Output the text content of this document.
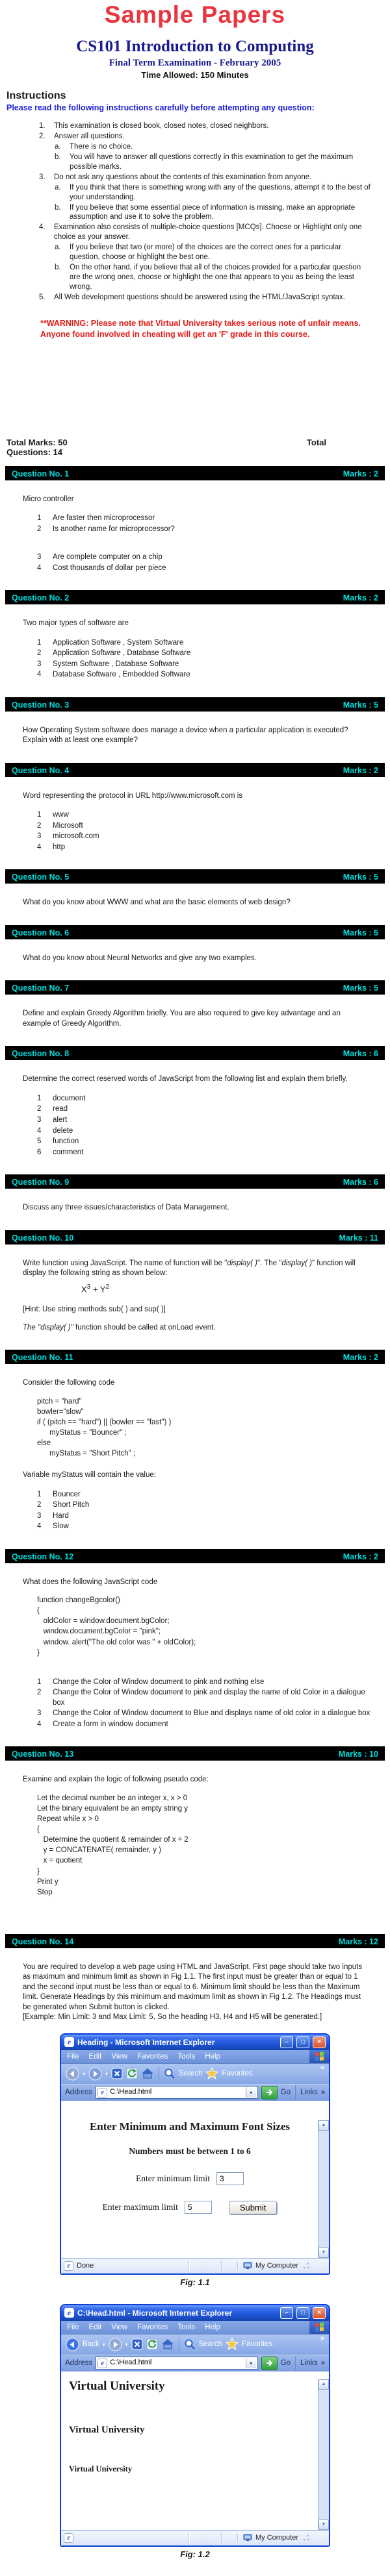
Sample Papers
CS101 Introduction to Computing
Final Term Examination - February 2005
Time Allowed: 150 Minutes
Instructions
Please read the following instructions carefully before attempting any question:
1.	This examination is closed book, closed notes, closed neighbors.
2.	Answer all questions.
a.	There is no choice.
b.	You will have to answer all questions correctly in this examination to get the maximum possible marks.
3.	Do not ask any questions about the contents of this examination from anyone.
a.	If you think that there is something wrong with any of the questions, attempt it to the best of your understanding.
b.	If you believe that some essential piece of information is missing, make an appropriate assumption and use it to solve the problem.
4.	Examination also consists of multiple-choice questions [MCQs]. Choose or Highlight only one choice as your answer.
a.	If you believe that two (or more) of the choices are the correct ones for a particular question, choose or highlight the best one.
b.	On the other hand, if you believe that all of the choices provided for a particular question are the wrong ones, choose or highlight the one that appears to you as being the least wrong.
5.	All Web development questions should be answered using the HTML/JavaScript syntax.
**WARNING: Please note that Virtual University takes serious note of unfair means. Anyone found involved in cheating will get an 'F' grade in this course.
Total Marks: 50
Questions: 14
Total
Question No. 1	Marks : 2

Micro controller

1	Are faster then microprocessor
2	Is another name for microprocessor?
3	Are complete computer on a chip
4	Cost thousands of dollar per piece
Question No. 2	Marks : 2

Two major types of software are

1	Application Software , System Software
2	Application Software , Database Software
3	System Software , Database Software
4	Database Software , Embedded Software
Question No. 3	Marks : 5

How Operating System software does manage a device when a particular application is executed? Explain with at least one example?

Question No. 4	Marks : 2

Word representing the protocol in URL http://www.microsoft.com is

1	www
2	Microsoft
3	microsoft.com
4	http
Question No. 5	Marks : 5

What do you know about WWW and what are the basic elements of web design?

Question No. 6	Marks : 5

What do you know about Neural Networks and give any two examples.

Question No. 7	Marks : 5

Define and explain Greedy Algorithm briefly. You are also required to give key advantage and an example of Greedy Algorithm.

Question No. 8	Marks : 6

Determine the correct reserved words of JavaScript from the following list and explain them briefly.

1	document
2	read
3	alert
4	delete
5	function
6	comment
Question No. 9	Marks : 6

Discuss any three issues/characteristics of Data Management.

Question No. 10	Marks : 11

Write function using JavaScript. The name of function will be "display( )". The "display( )" function will display the following string as shown below:

$X^3 + Y^2$

[Hint: Use string methods sub( ) and sup( )]

The "display( )" function should be called at onLoad event.

Question No. 11	Marks : 2

Consider the following code

pitch = "hard"
bowler="slow"
if ( (pitch == "hard") || (bowler == "fast") )
myStatus = "Bouncer" ;
else
myStatus = "Short Pitch" ;

Variable myStatus will contain the value:

1	Bouncer
2	Short Pitch
3	Hard
4	Slow
Question No. 12	Marks : 2

What does the following JavaScript code

function changeBgcolor()
{
oldColor = window.document.bgColor;
window.document.bgColor = "pink";
window. alert("The old color was " + oldColor);
}
1	Change the Color of Window document to pink and nothing else
2	Change the Color of Window document to pink and display the name of old Color in a dialogue box
3	Change the Color of Window document to Blue and displays name of old color in a dialogue box
4	Create a form in window document
Question No. 13	Marks : 10

Examine and explain the logic of following pseudo code:

Let the decimal number be an integer x, x > 0
Let the binary equivalent be an empty string y
Repeat while x > 0
{
Determine the quotient & remainder of x ÷ 2
y = CONCATENATE( remainder, y )
x = quotient
}
Print y
Stop
Question No. 14	Marks : 12

You are required to develop a web page using HTML and JavaScript. First page should take two inputs as maximum and minimum limit as shown in Fig 1.1. The first input must be greater than or equal to 1 and the second input must be less than or equal to 6. Minimum limit should be less than the Maximum limit. Generate Headings by this minimum and maximum limit as shown in Fig 1.2. The Headings must be generated when Submit button is clicked.

[Example: Min Limit: 3 and Max Limit: 5, So the heading H3, H4 and H5 will be generated.]

e Heading - Microsoft Internet Explorer	–	□	×
File Edit View Favorites Tools Help
▾	▾	Search	Favorites
»
Address	e C:\Head.html	▾	Go Links »
Enter Minimum and Maximum Font Sizes
Numbers must be between 1 to 6
Enter minimum limit
3
Enter maximum limit
5	Submit
▲
▼
e Done	My Computer
Fig: 1.1
e C:\Head.html - Microsoft Internet Explorer	–	□	×
File Edit View Favorites Tools Help
Back ▾	▾	Search	Favorites
»
Address	e C:\Head.html	▾	Go Links »
Virtual University
Virtual University
Virtual University
▲
▼
e	My Computer
Fig: 1.2
